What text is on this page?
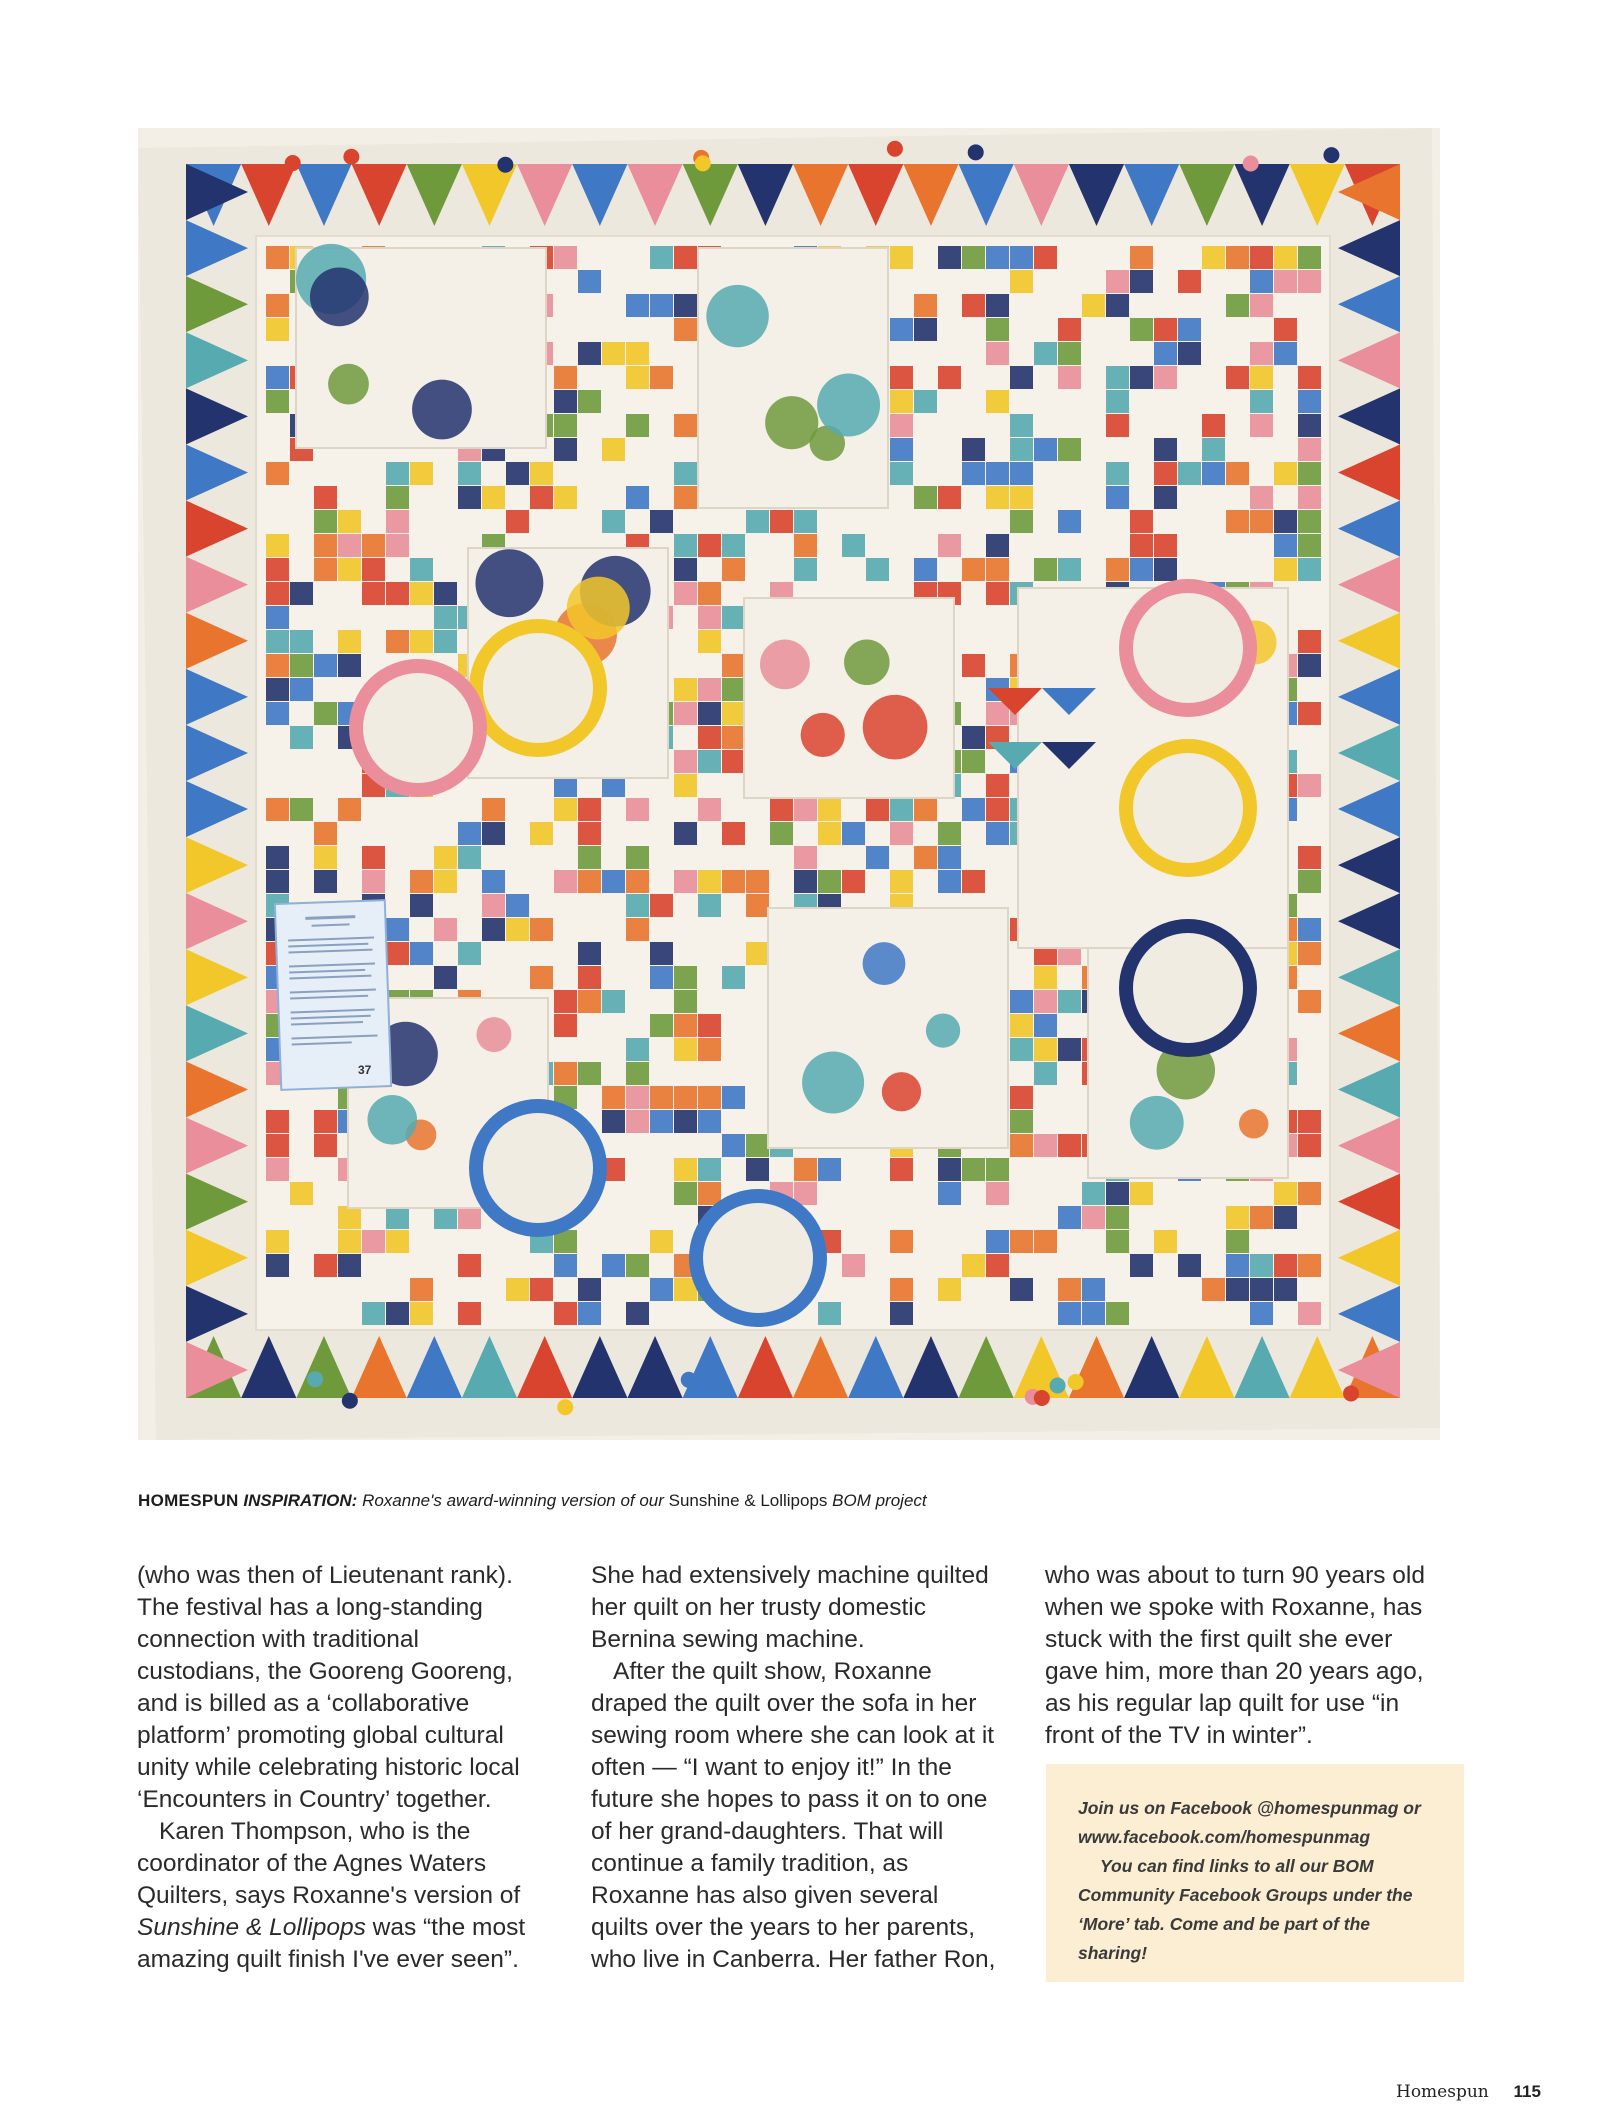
37
HOMESPUN INSPIRATION: Roxanne's award-winning version of our Sunshine & Lollipops BOM project

(who was then of Lieutenant rank). The festival has a long-standing connection with traditional custodians, the Gooreng Gooreng, and is billed as a ‘collaborative platform’ promoting global cultural unity while celebrating historic local ‘Encounters in Country’ together.

Karen Thompson, who is the coordinator of the Agnes Waters Quilters, says Roxanne's version of Sunshine & Lollipops was “the most amazing quilt finish I've ever seen”.

She had extensively machine quilted her quilt on her trusty domestic Bernina sewing machine.

After the quilt show, Roxanne draped the quilt over the sofa in her sewing room where she can look at it often — “I want to enjoy it!” In the future she hopes to pass it on to one of her grand-daughters. That will continue a family tradition, as Roxanne has also given several quilts over the years to her parents, who live in Canberra. Her father Ron,

who was about to turn 90 years old when we spoke with Roxanne, has stuck with the first quilt she ever gave him, more than 20 years ago, as his regular lap quilt for use “in front of the TV in winter”.

Join us on Facebook @homespunmag or www.facebook.com/homespunmag

You can find links to all our BOM Community Facebook Groups under the ‘More’ tab. Come and be part of the sharing!

Homespun 115
